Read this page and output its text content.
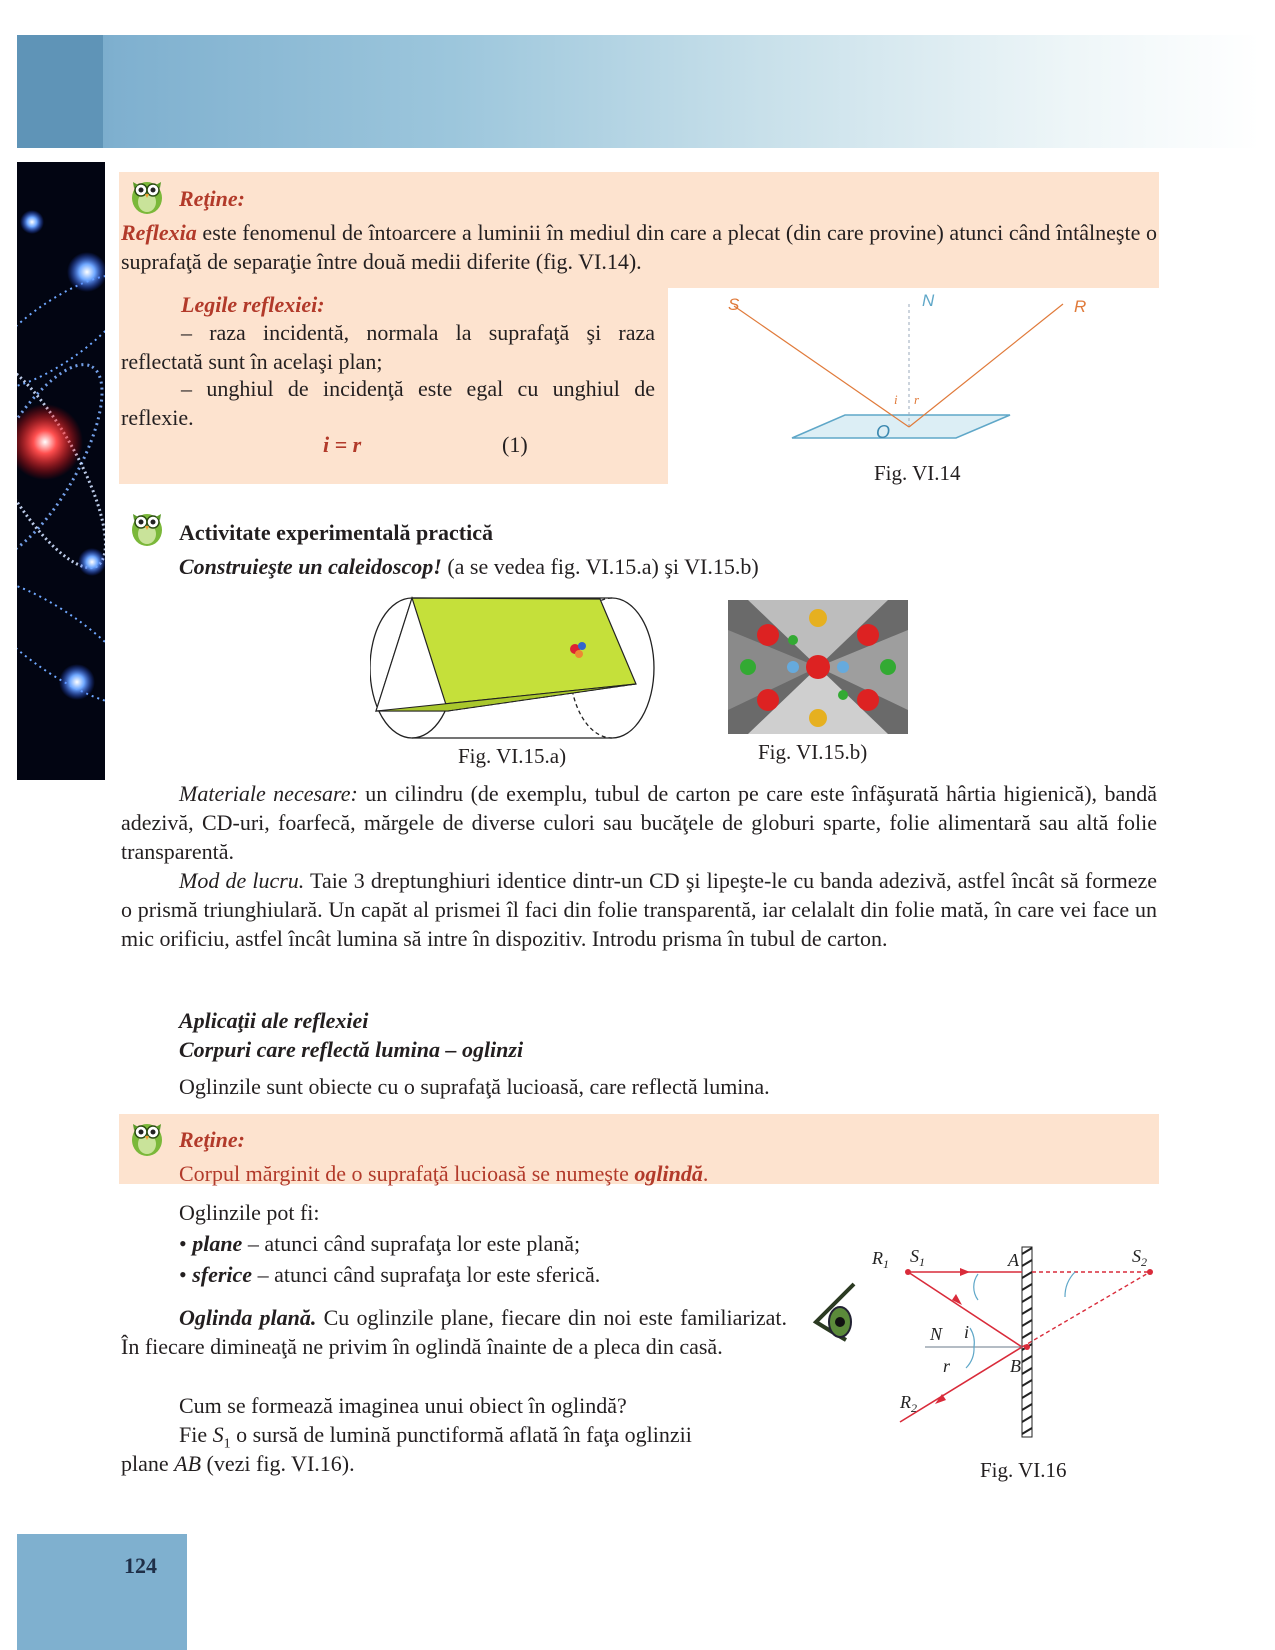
Reţine:
Reflexia este fenomenul de întoarcere a luminii în mediul din care a plecat (din care provine) atunci când întâlneşte o suprafaţă de separaţie între două medii diferite (fig. VI.14).
Legile reflexiei:
– raza incidentă, normala la suprafaţă şi raza reflectată sunt în acelaşi plan;
– unghiul de incidenţă este egal cu unghiul de reflexie.
i = r	(1)
S	N	R
i r
O
Fig. VI.14
Activitate experimentală practică
Construieşte un caleidoscop! (a se vedea fig. VI.15.a) şi VI.15.b)
Fig. VI.15.a)	Fig. VI.15.b)
Materiale necesare: un cilindru (de exemplu, tubul de carton pe care este înfăşurată hârtia higienică), bandă adezivă, CD-uri, foarfecă, mărgele de diverse culori sau bucăţele de globuri sparte, folie alimentară sau altă folie transparentă.
Mod de lucru. Taie 3 dreptunghiuri identice dintr-un CD şi lipeşte-le cu banda adezivă, astfel încât să formeze o prismă triunghiulară. Un capăt al prismei îl faci din folie transparentă, iar celalalt din folie mată, în care vei face un mic orificiu, astfel încât lumina să intre în dispozitiv. Introdu prisma în tubul de carton.
Aplicaţii ale reflexiei
Corpuri care reflectă lumina – oglinzi
Oglinzile sunt obiecte cu o suprafaţă lucioasă, care reflectă lumina.
Reţine:
Corpul mărginit de o suprafaţă lucioasă se numeşte oglindă.
Oglinzile pot fi:
• plane – atunci când suprafaţa lor este plană;
• sferice – atunci când suprafaţa lor este sferică.
Oglinda plană. Cu oglinzile plane, fiecare din noi este familiarizat. În fiecare dimineaţă ne privim în oglindă înainte de a pleca din casă.
Cum se formează imaginea unui obiect în oglindă?
Fie $S_1$ o sursă de lumină punctiformă aflată în faţa oglinzii
plane AB (vezi fig. VI.16).
$R_1$ $S_1$	A	$S_2$
N i
B
r
$R_2$
Fig. VI.16
124
